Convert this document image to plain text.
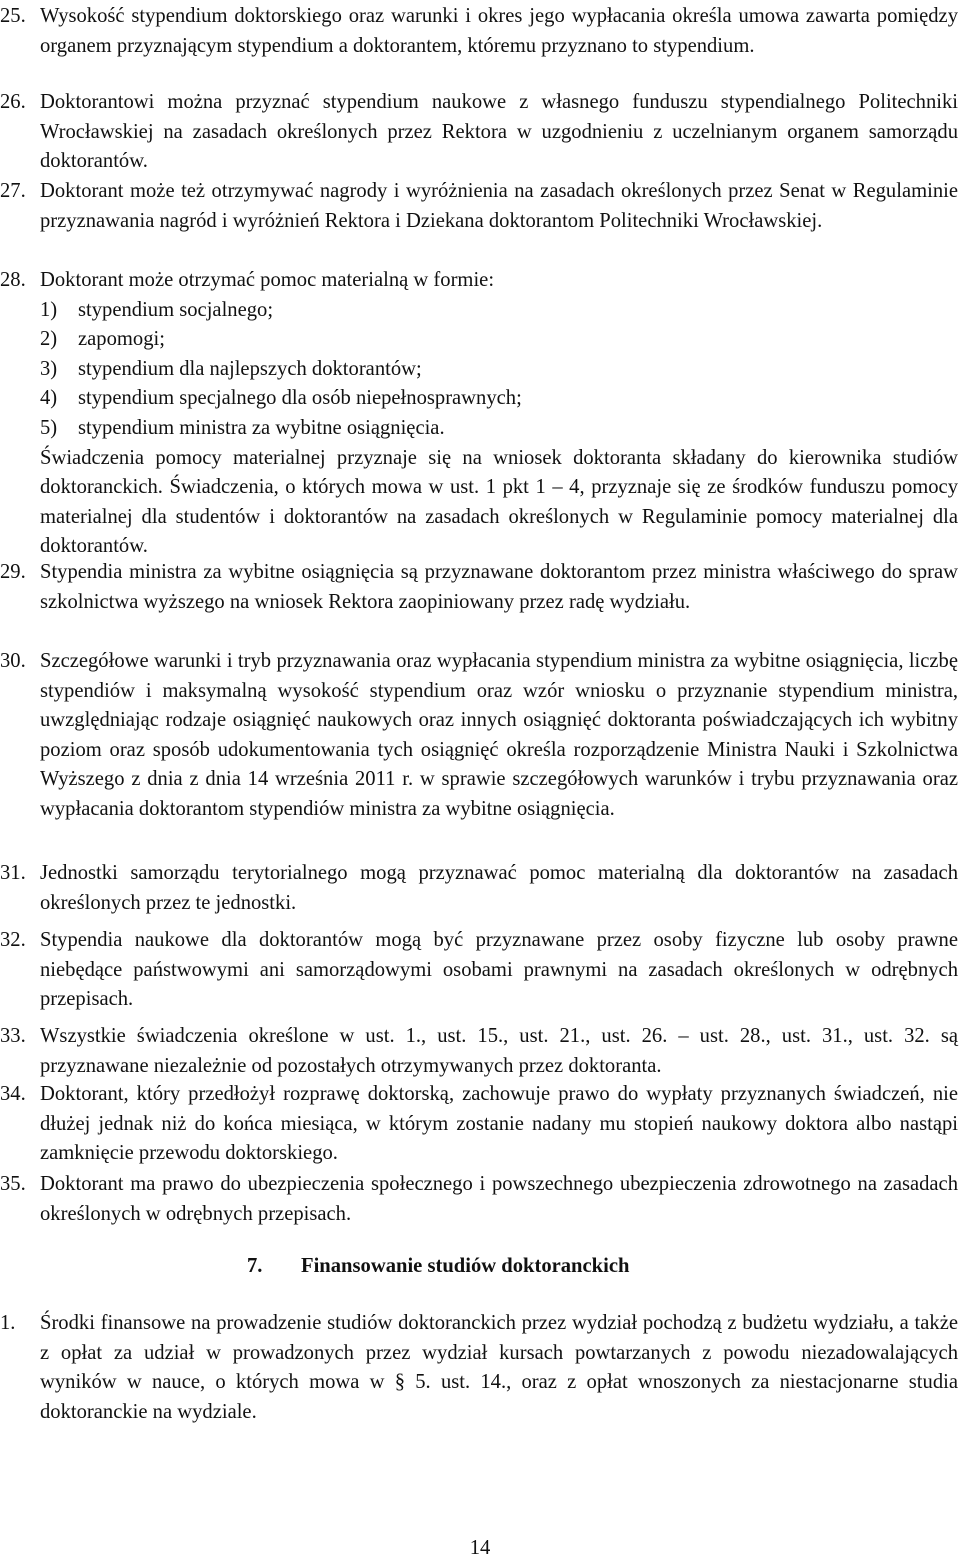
25. Wysokość stypendium doktorskiego oraz warunki i okres jego wypłacania określa umowa zawarta pomiędzy organem przyznającym stypendium a doktorantem, któremu przyznano to stypendium.
26. Doktorantowi można przyznać stypendium naukowe z własnego funduszu stypendialnego Politechniki Wrocławskiej na zasadach określonych przez Rektora w uzgodnieniu z uczelnianym organem samorządu doktorantów.
27. Doktorant może też otrzymywać nagrody i wyróżnienia na zasadach określonych przez Senat w Regulaminie przyznawania nagród i wyróżnień Rektora i Dziekana doktorantom Politechniki Wrocławskiej.
28. Doktorant może otrzymać pomoc materialną w formie:
1)	stypendium socjalnego;
2)	zapomogi;
3)	stypendium dla najlepszych doktorantów;
4)	stypendium specjalnego dla osób niepełnosprawnych;
5)	stypendium ministra za wybitne osiągnięcia.
Świadczenia pomocy materialnej przyznaje się na wniosek doktoranta składany do kierownika studiów doktoranckich. Świadczenia, o których mowa w ust. 1 pkt 1 – 4, przyznaje się ze środków funduszu pomocy materialnej dla studentów i doktorantów na zasadach określonych w Regulaminie pomocy materialnej dla doktorantów.
29. Stypendia ministra za wybitne osiągnięcia są przyznawane doktorantom przez ministra właściwego do spraw szkolnictwa wyższego na wniosek Rektora zaopiniowany przez radę wydziału.
30. Szczegółowe warunki i tryb przyznawania oraz wypłacania stypendium ministra za wybitne osiągnięcia, liczbę stypendiów i maksymalną wysokość stypendium oraz wzór wniosku o przyznanie stypendium ministra, uwzględniając rodzaje osiągnięć naukowych oraz innych osiągnięć doktoranta poświadczających ich wybitny poziom oraz sposób udokumentowania tych osiągnięć określa rozporządzenie Ministra Nauki i Szkolnictwa Wyższego z dnia z dnia 14 września 2011 r. w sprawie szczegółowych warunków i trybu przyznawania oraz wypłacania doktorantom stypendiów ministra za wybitne osiągnięcia.
31. Jednostki samorządu terytorialnego mogą przyznawać pomoc materialną dla doktorantów na zasadach określonych przez te jednostki.
32. Stypendia naukowe dla doktorantów mogą być przyznawane przez osoby fizyczne lub osoby prawne niebędące państwowymi ani samorządowymi osobami prawnymi na zasadach określonych w odrębnych przepisach.
33. Wszystkie świadczenia określone w ust. 1., ust. 15., ust. 21., ust. 26. – ust. 28., ust. 31., ust. 32. są przyznawane niezależnie od pozostałych otrzymywanych przez doktoranta.
34. Doktorant, który przedłożył rozprawę doktorską, zachowuje prawo do wypłaty przyznanych świadczeń, nie dłużej jednak niż do końca miesiąca, w którym zostanie nadany mu stopień naukowy doktora albo nastąpi zamknięcie przewodu doktorskiego.
35. Doktorant ma prawo do ubezpieczenia społecznego i powszechnego ubezpieczenia zdrowotnego na zasadach określonych w odrębnych przepisach.
7. Finansowanie studiów doktoranckich
1. Środki finansowe na prowadzenie studiów doktoranckich przez wydział pochodzą z budżetu wydziału, a także z opłat za udział w prowadzonych przez wydział kursach powtarzanych z powodu niezadowalających wyników w nauce, o których mowa w § 5. ust. 14., oraz z opłat wnoszonych za niestacjonarne studia doktoranckie na wydziale.
14
